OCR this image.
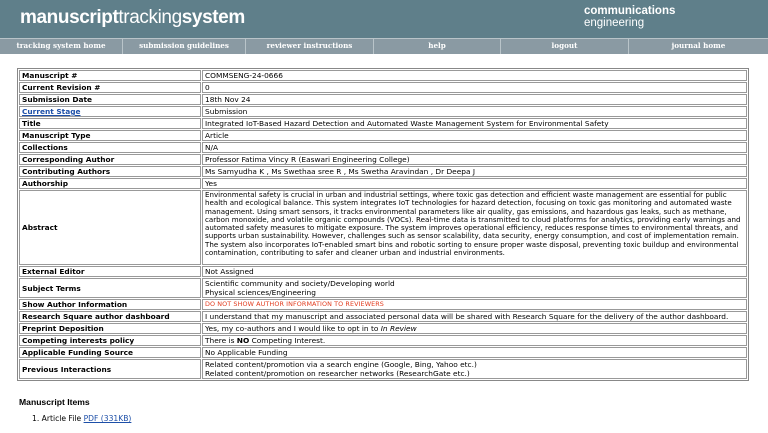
manuscripttrackingsystem	communications
engineering
tracking system home	submission guidelines	reviewer instructions	help	logout	journal home
Manuscript #	COMMSENG-24-0666
Current Revision #	0
Submission Date	18th Nov 24
Current Stage	Submission
Title	Integrated IoT-Based Hazard Detection and Automated Waste Management System for Environmental Safety
Manuscript Type	Article
Collections	N/A
Corresponding Author	Professor Fatima Vincy R (Easwari Engineering College)
Contributing Authors	Ms Samyudha K , Ms Swethaa sree R , Ms Swetha Aravindan , Dr Deepa J
Authorship	Yes
Abstract	Environmental safety is crucial in urban and industrial settings, where toxic gas detection and efficient waste management are essential for public health and ecological balance. This system integrates IoT technologies for hazard detection, focusing on toxic gas monitoring and automated waste management. Using smart sensors, it tracks environmental parameters like air quality, gas emissions, and hazardous gas leaks, such as methane, carbon monoxide, and volatile organic compounds (VOCs). Real-time data is transmitted to cloud platforms for analytics, providing early warnings and automated safety measures to mitigate exposure. The system improves operational efficiency, reduces response times to environmental threats, and supports urban sustainability. However, challenges such as sensor scalability, data security, energy consumption, and cost of implementation remain. The system also incorporates IoT-enabled smart bins and robotic sorting to ensure proper waste disposal, preventing toxic buildup and environmental contamination, contributing to safer and cleaner urban and industrial environments.
External Editor	Not Assigned
Subject Terms	Scientific community and society/Developing world
Physical sciences/Engineering

Show Author Information	DO NOT SHOW AUTHOR INFORMATION TO REVIEWERS
Research Square author dashboard	I understand that my manuscript and associated personal data will be shared with Research Square for the delivery of the author dashboard.
Preprint Deposition	Yes, my co-authors and I would like to opt in to In Review
Competing interests policy	There is NO Competing Interest.
Applicable Funding Source	No Applicable Funding
Previous Interactions	Related content/promotion via a search engine (Google, Bing, Yahoo etc.)
Related content/promotion on researcher networks (ResearchGate etc.)
Manuscript Items
1. Article File PDF (331KB)
